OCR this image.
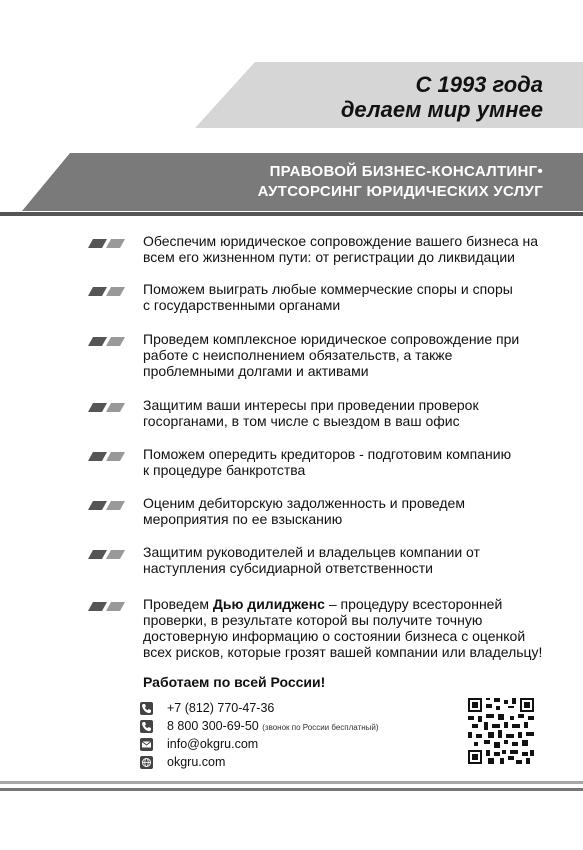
С 1993 года
делаем мир умнее
ПРАВОВОЙ БИЗНЕС-КОНСАЛТИНГ•
АУТСОРСИНГ ЮРИДИЧЕСКИХ УСЛУГ
Обеспечим юридическое сопровождение вашего бизнеса на
всем его жизненном пути: от регистрации до ликвидации
Поможем выиграть любые коммерческие споры и споры
с государственными органами
Проведем комплексное юридическое сопровождение при
работе с неисполнением обязательств, а также
проблемными долгами и активами
Защитим ваши интересы при проведении проверок
госорганами, в том числе с выездом в ваш офис
Поможем опередить кредиторов - подготовим компанию
к процедуре банкротства
Оценим дебиторскую задолженность и проведем
мероприятия по ее взысканию
Защитим руководителей и владельцев компании от
наступления субсидиарной ответственности
Проведем Дью дилидженс – процедуру всесторонней
проверки, в результате которой вы получите точную
достоверную информацию о состоянии бизнеса с оценкой
всех рисков, которые грозят вашей компании или владельцу!
Работаем по всей России!
+7 (812) 770-47-36
8 800 300-69-50 (звонок по России бесплатный)
info@okgru.com
okgru.com
